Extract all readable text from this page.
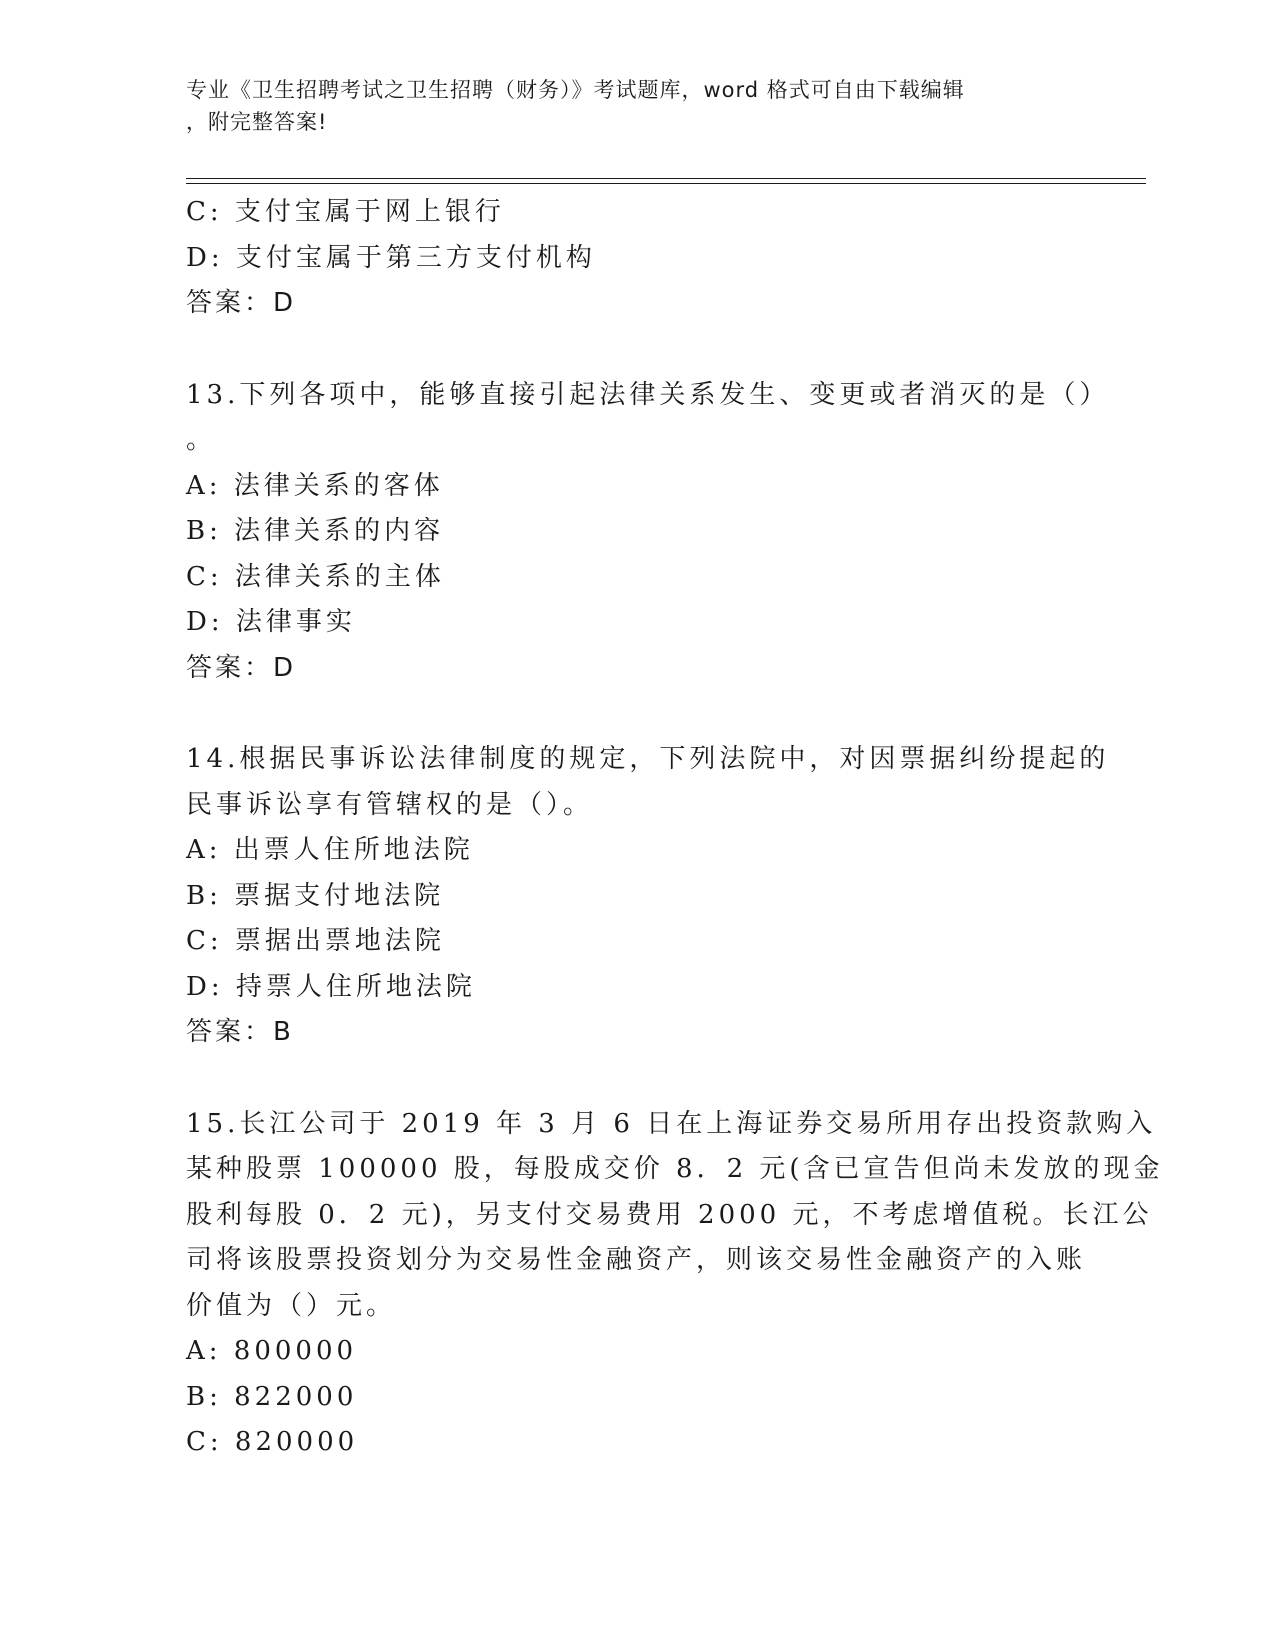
专业《卫生招聘考试之卫生招聘（财务）》考试题库，word 格式可自由下载编辑
，附完整答案!
C: 支付宝属于网上银行
D: 支付宝属于第三方支付机构
答案：D
13.下列各项中，能够直接引起法律关系发生、变更或者消灭的是（）
。
A: 法律关系的客体
B: 法律关系的内容
C: 法律关系的主体
D: 法律事实
答案：D
14.根据民事诉讼法律制度的规定，下列法院中，对因票据纠纷提起的
民事诉讼享有管辖权的是（）。
A: 出票人住所地法院
B: 票据支付地法院
C: 票据出票地法院
D: 持票人住所地法院
答案：B
15.长江公司于 2019 年 3 月 6 日在上海证券交易所用存出投资款购入
某种股票 100000 股，每股成交价 8．2 元(含已宣告但尚未发放的现金
股利每股 0．2 元)，另支付交易费用 2000 元，不考虑增值税。长江公
司将该股票投资划分为交易性金融资产，则该交易性金融资产的入账
价值为（）元。
A: 800000
B: 822000
C: 820000
